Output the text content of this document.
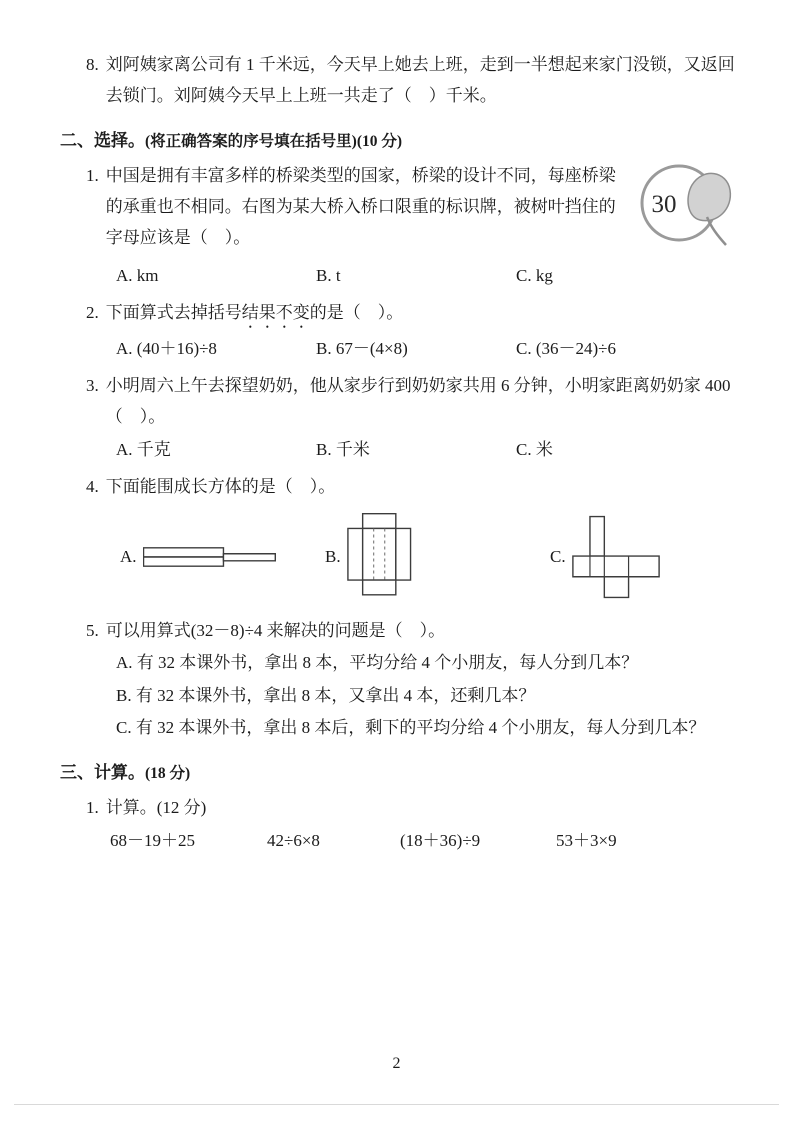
8. 刘阿姨家离公司有 1 千米远，今天早上她去上班，走到一半想起来家门没锁，又返回去锁门。刘阿姨今天早上上班一共走了（　）千米。
二、选择。(将正确答案的序号填在括号里)(10 分)
1.
30
中国是拥有丰富多样的桥梁类型的国家，桥梁的设计不同，每座桥梁的承重也不相同。右图为某大桥入桥口限重的标识牌，被树叶挡住的字母应该是（　）。
A. km	B. t	C. kg
2. 下面算式去掉括号结果不变的是（　）。
A. (40＋16)÷8	B. 67－(4×8)	C. (36－24)÷6
3. 小明周六上午去探望奶奶，他从家步行到奶奶家共用 6 分钟，小明家距离奶奶家 400（　）。
A. 千克	B. 千米	C. 米
4. 下面能围成长方体的是（　）。
A.	B.	C.
5. 可以用算式(32－8)÷4 来解决的问题是（　）。
A. 有 32 本课外书，拿出 8 本，平均分给 4 个小朋友，每人分到几本？
B. 有 32 本课外书，拿出 8 本，又拿出 4 本，还剩几本？
C. 有 32 本课外书，拿出 8 本后，剩下的平均分给 4 个小朋友，每人分到几本？
三、计算。(18 分)
1. 计算。(12 分)
68－19＋25	42÷6×8	(18＋36)÷9	53＋3×9
2
